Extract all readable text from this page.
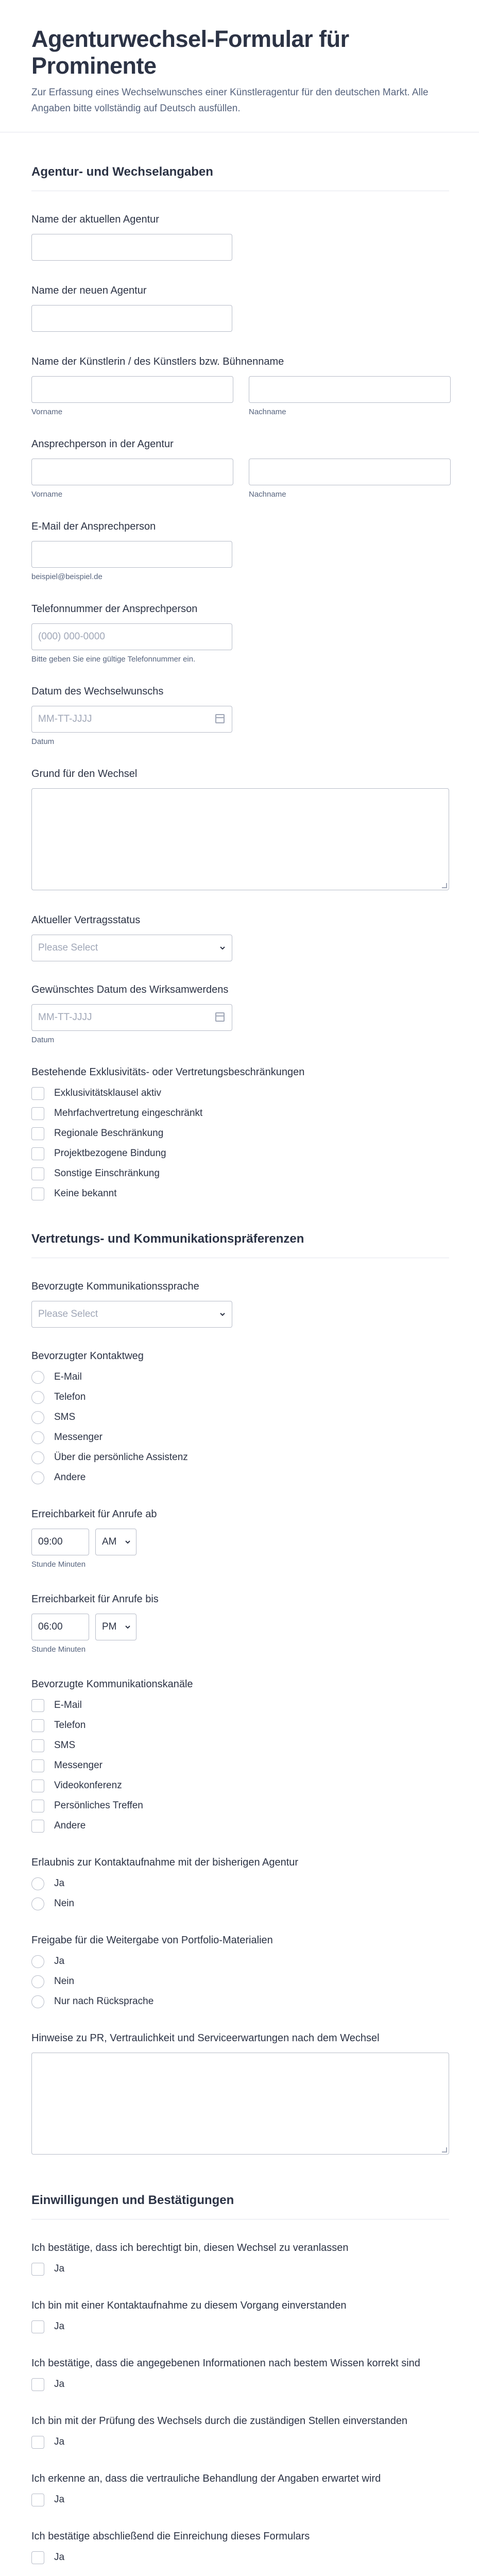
Agenturwechsel-Formular für Prominente

Zur Erfassung eines Wechselwunsches einer Künstleragentur für den deutschen Markt. Alle Angaben bitte vollständig auf Deutsch ausfüllen.

Agentur- und Wechselangaben
Name der aktuellen Agentur
Name der neuen Agentur
Name der Künstlerin / des Künstlers bzw. Bühnenname
Vorname	Nachname
Ansprechperson in der Agentur
Vorname	Nachname
E-Mail der Ansprechperson
beispiel@beispiel.de
Telefonnummer der Ansprechperson
(000) 000-0000
Bitte geben Sie eine gültige Telefonnummer ein.
Datum des Wechselwunschs
MM-TT-JJJJ
Datum
Grund für den Wechsel
Aktueller Vertragsstatus
Please Select
Gewünschtes Datum des Wirksamwerdens
MM-TT-JJJJ
Datum
Bestehende Exklusivitäts- oder Vertretungsbeschränkungen
Exklusivitätsklausel aktiv
Mehrfachvertretung eingeschränkt
Regionale Beschränkung
Projektbezogene Bindung
Sonstige Einschränkung
Keine bekannt
Vertretungs- und Kommunikationspräferenzen
Bevorzugte Kommunikationssprache
Please Select
Bevorzugter Kontaktweg
E-Mail
Telefon
SMS
Messenger
Über die persönliche Assistenz
Andere
Erreichbarkeit für Anrufe ab
09:00	AM
Stunde Minuten
Erreichbarkeit für Anrufe bis
06:00	PM
Stunde Minuten
Bevorzugte Kommunikationskanäle
E-Mail
Telefon
SMS
Messenger
Videokonferenz
Persönliches Treffen
Andere
Erlaubnis zur Kontaktaufnahme mit der bisherigen Agentur
Ja
Nein
Freigabe für die Weitergabe von Portfolio-Materialien
Ja
Nein
Nur nach Rücksprache
Hinweise zu PR, Vertraulichkeit und Serviceerwartungen nach dem Wechsel
Einwilligungen und Bestätigungen
Ich bestätige, dass ich berechtigt bin, diesen Wechsel zu veranlassen
Ja
Ich bin mit einer Kontaktaufnahme zu diesem Vorgang einverstanden
Ja
Ich bestätige, dass die angegebenen Informationen nach bestem Wissen korrekt sind
Ja
Ich bin mit der Prüfung des Wechsels durch die zuständigen Stellen einverstanden
Ja
Ich erkenne an, dass die vertrauliche Behandlung der Angaben erwartet wird
Ja
Ich bestätige abschließend die Einreichung dieses Formulars
Ja
